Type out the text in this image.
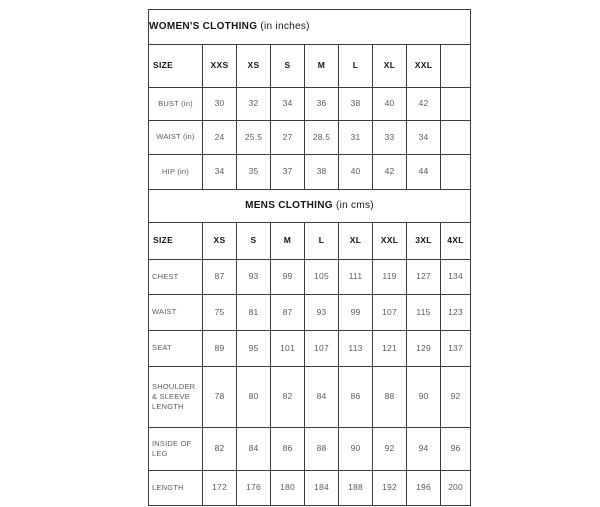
WOMEN'S CLOTHING (in inches)								
SIZE	XXS	XS	S	M	L	XL	XXL	
BUST (in)	30	32	34	36	38	40	42	
WAIST (in)	24	25.5	27	28.5	31	33	34	
HIP (in)	34	35	37	38	40	42	44	
MENS CLOTHING (in cms)								
SIZE	XS	S	M	L	XL	XXL	3XL	4XL
CHEST	87	93	99	105	111	119	127	134
WAIST	75	81	87	93	99	107	115	123
SEAT	89	95	101	107	113	121	129	137
SHOULDER & SLEEVE LENGTH	78	80	82	84	86	88	90	92
INSIDE OF LEG	82	84	86	88	90	92	94	96
LENGTH	172	176	180	184	188	192	196	200
